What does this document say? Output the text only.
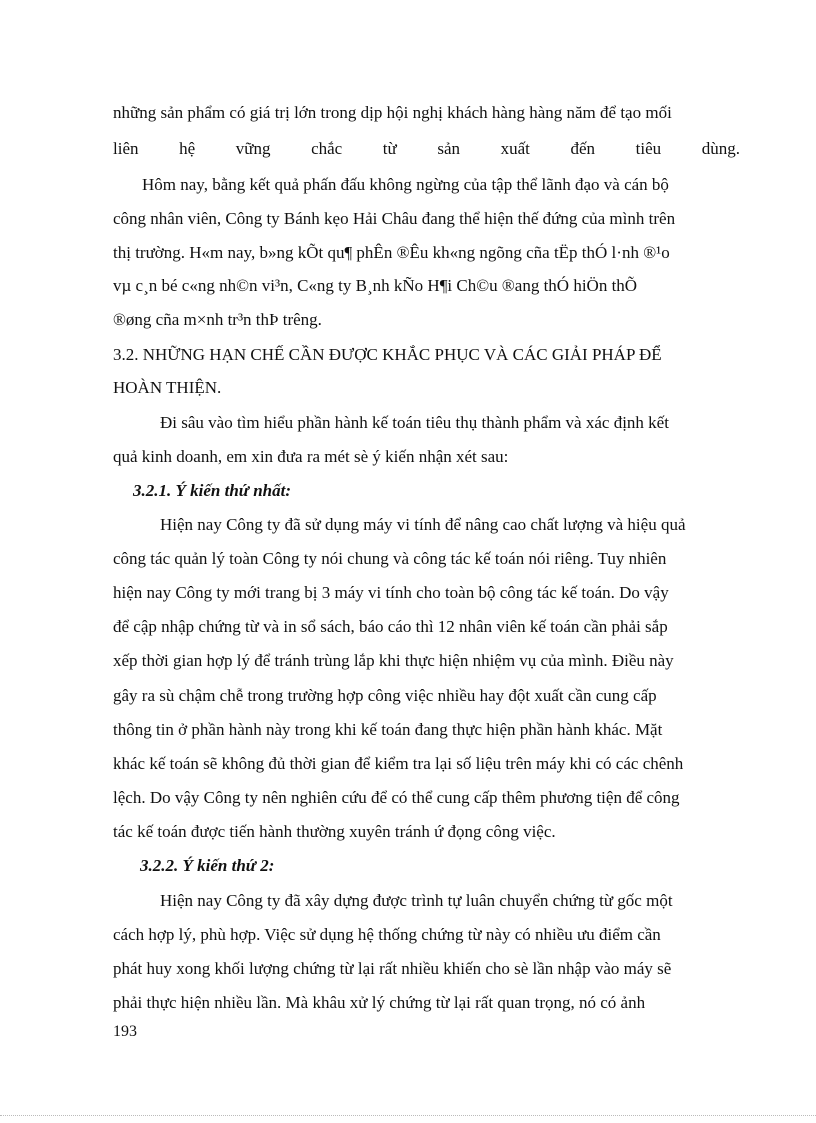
những sản phẩm có giá trị lớn trong dịp hội nghị khách hàng hàng năm để tạo mối

liên hệ vững chắc từ sản xuất đến tiêu dùng.

Hôm nay, bằng kết quả phấn đấu không ngừng của tập thể lãnh đạo và cán bộ

công nhân viên, Công ty Bánh kẹo Hải Châu đang thể hiện thế đứng của mình trên

thị trường. H«m nay, b»ng kÕt qu¶ phÊn ®Êu kh«ng ngõng cña tËp thÓ l·nh ®¹o

vµ c¸n bé c«ng nh©n vi³n, C«ng ty B¸nh kÑo H¶i Ch©u ®ang thÓ hiÖn thÕ

®øng cña m×nh tr³n thÞ trêng.

3.2. NHỮNG HẠN CHẾ CẦN ĐƯỢC KHẮC PHỤC VÀ CÁC GIẢI PHÁP ĐỂ

HOÀN THIỆN.

Đi sâu vào tìm hiểu phần hành kế toán tiêu thụ thành phẩm và xác định kết

quả kinh doanh, em xin đưa ra mét sè ý kiến nhận xét sau:

3.2.1. Ý kiến thứ nhất:

Hiện nay Công ty đã sử dụng máy vi tính để nâng cao chất lượng và hiệu quả

công tác quản lý toàn Công ty nói chung và công tác kế toán nói riêng. Tuy nhiên

hiện nay Công ty mới trang bị 3 máy vi tính cho toàn bộ công tác kế toán. Do vậy

để cập nhập chứng từ và in sổ sách, báo cáo thì 12 nhân viên kế toán cần phải sắp

xếp thời gian hợp lý để tránh trùng lắp khi thực hiện nhiệm vụ của mình. Điều này

gây ra sù chậm chễ trong trường hợp công việc nhiều hay đột xuất cần cung cấp

thông tin ở phần hành này trong khi kế toán đang thực hiện phần hành khác. Mặt

khác kế toán sẽ không đủ thời gian để kiểm tra lại số liệu trên máy khi có các chênh

lệch. Do vậy Công ty nên nghiên cứu để có thể cung cấp thêm phương tiện để công

tác kế toán được tiến hành thường xuyên tránh ứ đọng công việc.

3.2.2. Ý kiến thứ 2:

Hiện nay Công ty đã xây dựng được trình tự luân chuyển chứng từ gốc một

cách hợp lý, phù hợp. Việc sử dụng hệ thống chứng từ này có nhiều ưu điểm cần

phát huy xong khối lượng chứng từ lại rất nhiều khiến cho sè lần nhập vào máy sẽ

phải thực hiện nhiều lần. Mà khâu xử lý chứng từ lại rất quan trọng, nó có ảnh

193
